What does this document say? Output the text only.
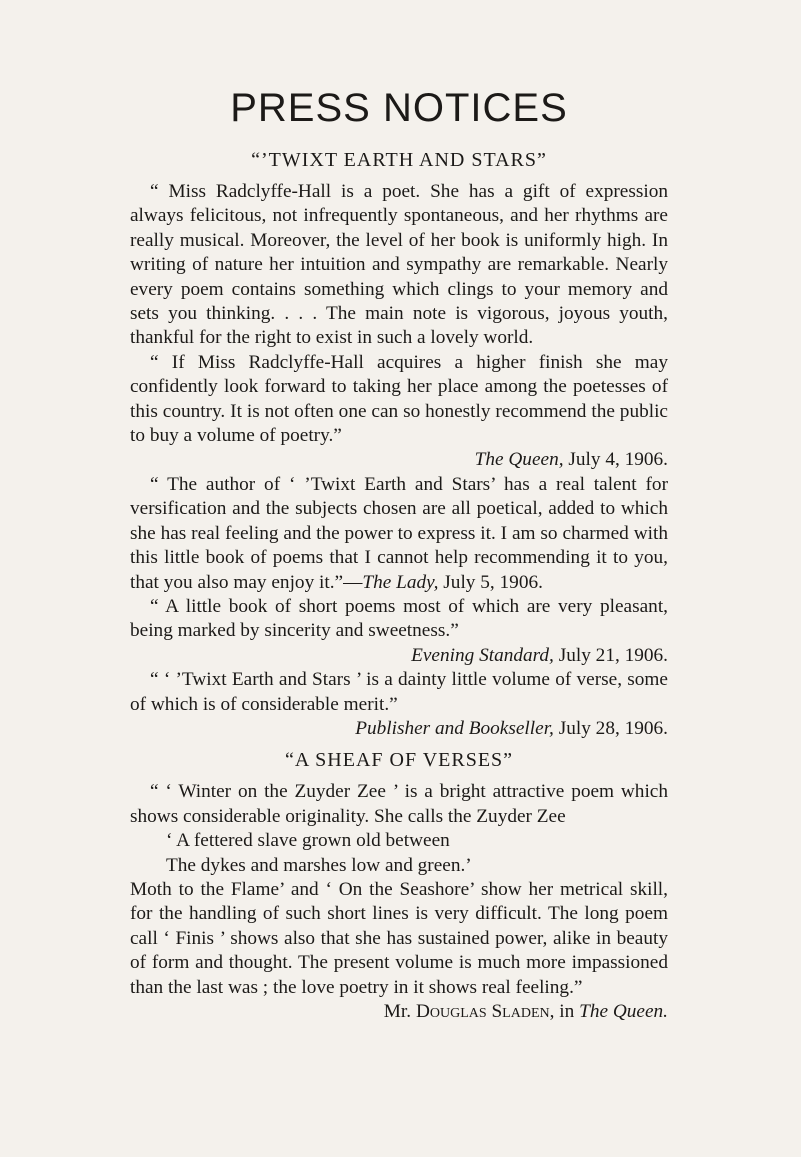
PRESS NOTICES
“’TWIXT EARTH AND STARS”

“ Miss Radclyffe-Hall is a poet. She has a gift of expression always felicitous, not infrequently spontaneous, and her rhythms are really musical. Moreover, the level of her book is uniformly high. In writing of nature her intuition and sympathy are remarkable. Nearly every poem contains something which clings to your memory and sets you thinking. . . . The main note is vigorous, joyous youth, thankful for the right to exist in such a lovely world.

“ If Miss Radclyffe-Hall acquires a higher finish she may confidently look forward to taking her place among the poetesses of this country. It is not often one can so honestly recommend the public to buy a volume of poetry.”

The Queen, July 4, 1906.

“ The author of ‘ ’Twixt Earth and Stars’ has a real talent for versification and the subjects chosen are all poetical, added to which she has real feeling and the power to express it. I am so charmed with this little book of poems that I cannot help recommending it to you, that you also may enjoy it.”—The Lady, July 5, 1906.

“ A little book of short poems most of which are very pleasant, being marked by sincerity and sweetness.”

Evening Standard, July 21, 1906.

“ ‘ ’Twixt Earth and Stars ’ is a dainty little volume of verse, some of which is of considerable merit.”

Publisher and Bookseller, July 28, 1906.
“A SHEAF OF VERSES”

“ ‘ Winter on the Zuyder Zee ’ is a bright attractive poem which shows considerable originality. She calls the Zuyder Zee

‘ A fettered slave grown old between
The dykes and marshes low and green.’

Moth to the Flame’ and ‘ On the Seashore’ show her metrical skill, for the handling of such short lines is very difficult. The long poem call ‘ Finis ’ shows also that she has sustained power, alike in beauty of form and thought. The present volume is much more impassioned than the last was ; the love poetry in it shows real feeling.”

Mr. Douglas Sladen, in The Queen.
